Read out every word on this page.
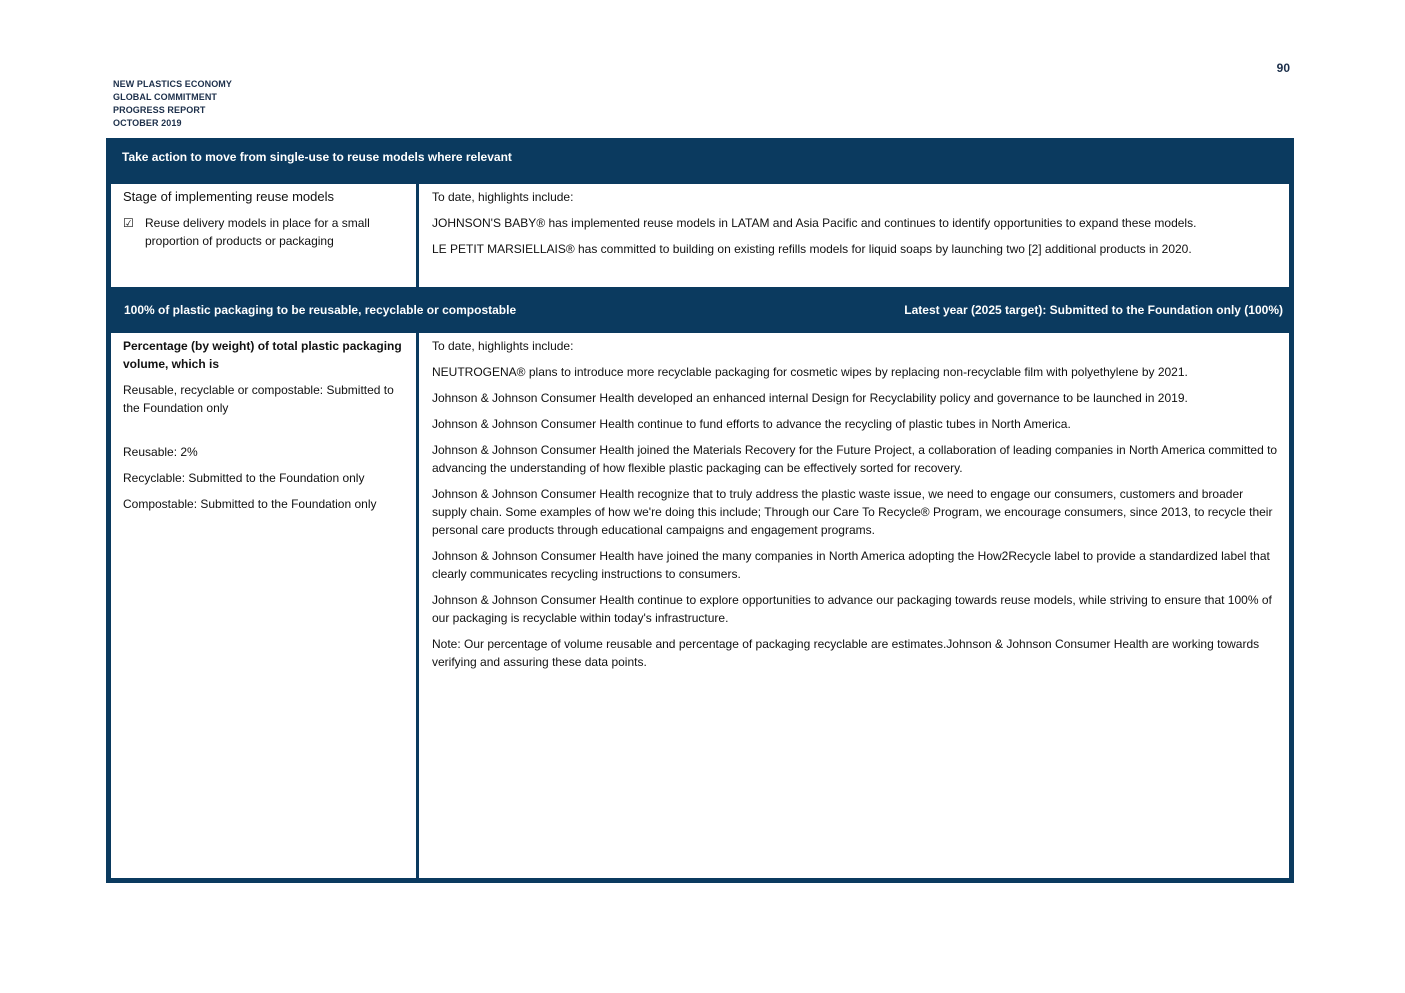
90
NEW PLASTICS ECONOMY
GLOBAL COMMITMENT
PROGRESS REPORT
OCTOBER 2019
Take action to move from single-use to reuse models where relevant
Stage of implementing reuse models
☑ Reuse delivery models in place for a small proportion of products or packaging

To date, highlights include:

JOHNSON'S BABY® has implemented reuse models in LATAM and Asia Pacific and continues to identify opportunities to expand these models.

LE PETIT MARSIELLAIS® has committed to building on existing refills models for liquid soaps by launching two [2] additional products in 2020.

100% of plastic packaging to be reusable, recyclable or compostable	Latest year (2025 target): Submitted to the Foundation only (100%)

Percentage (by weight) of total plastic packaging volume, which is

Reusable, recyclable or compostable: Submitted to the Foundation only

Reusable: 2%

Recyclable: Submitted to the Foundation only

Compostable: Submitted to the Foundation only

To date, highlights include:

NEUTROGENA® plans to introduce more recyclable packaging for cosmetic wipes by replacing non-recyclable film with polyethylene by 2021.

Johnson & Johnson Consumer Health developed an enhanced internal Design for Recyclability policy and governance to be launched in 2019.

Johnson & Johnson Consumer Health continue to fund efforts to advance the recycling of plastic tubes in North America.

Johnson & Johnson Consumer Health joined the Materials Recovery for the Future Project, a collaboration of leading companies in North America committed to advancing the understanding of how flexible plastic packaging can be effectively sorted for recovery.

Johnson & Johnson Consumer Health recognize that to truly address the plastic waste issue, we need to engage our consumers, customers and broader supply chain. Some examples of how we're doing this include; Through our Care To Recycle® Program, we encourage consumers, since 2013, to recycle their personal care products through educational campaigns and engagement programs.

Johnson & Johnson Consumer Health have joined the many companies in North America adopting the How2Recycle label to provide a standardized label that clearly communicates recycling instructions to consumers.

Johnson & Johnson Consumer Health continue to explore opportunities to advance our packaging towards reuse models, while striving to ensure that 100% of our packaging is recyclable within today's infrastructure.

Note: Our percentage of volume reusable and percentage of packaging recyclable are estimates.Johnson & Johnson Consumer Health are working towards verifying and assuring these data points.
